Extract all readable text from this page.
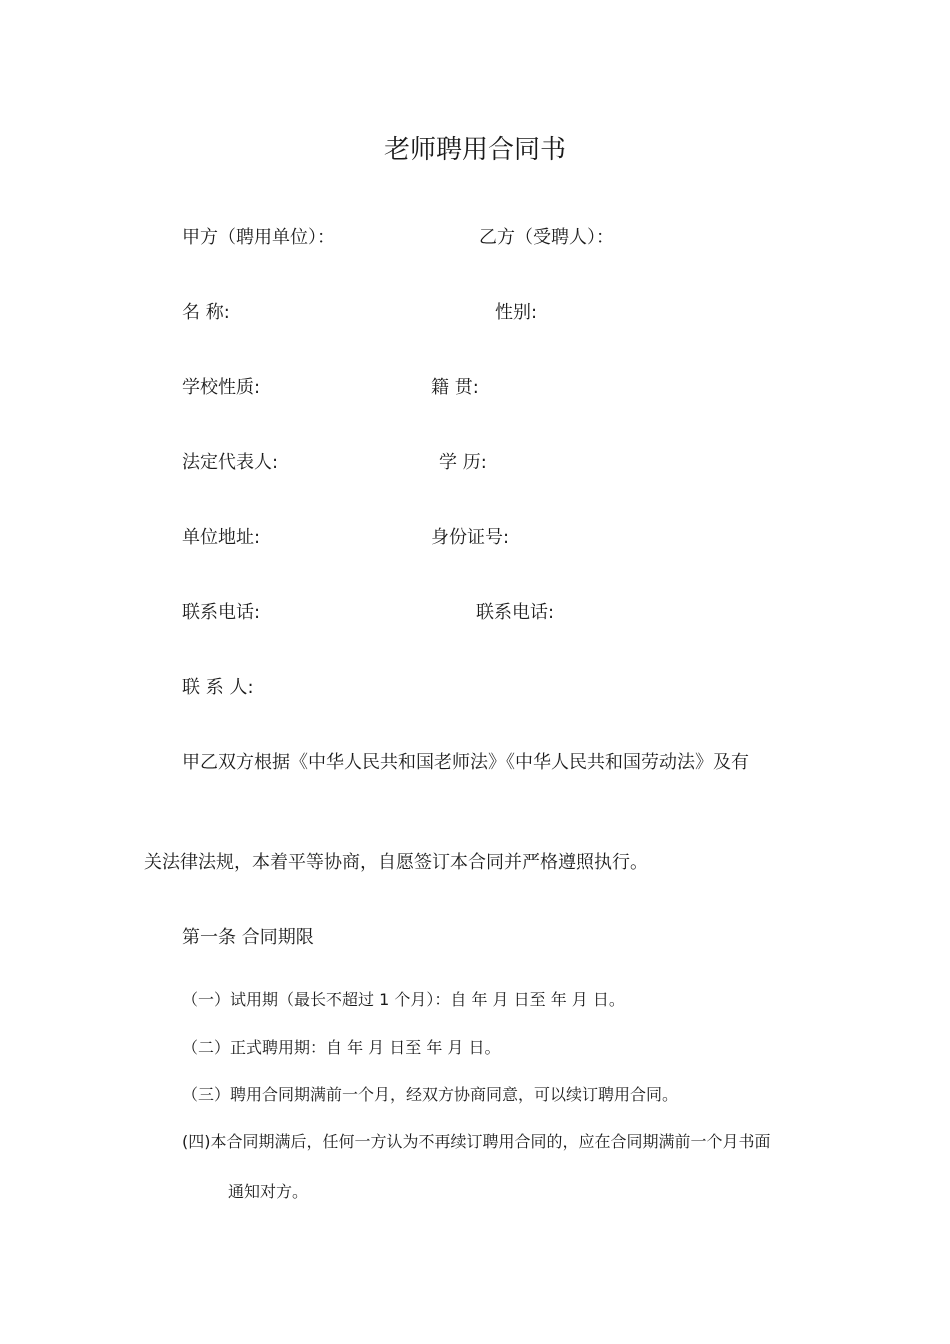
老师聘用合同书
甲方（聘用单位）：	乙方（受聘人）：
名 称:	性别:
学校性质:	籍 贯:
法定代表人:	学 历:
单位地址:	身份证号:
联系电话:	联系电话:
联 系 人:
甲乙双方根据《中华人民共和国老师法》《中华人民共和国劳动法》及有
关法律法规，本着平等协商，自愿签订本合同并严格遵照执行。
第一条 合同期限
（一）试用期（最长不超过 1 个月）：自 年 月 日至 年 月 日。
（二）正式聘用期：自 年 月 日至 年 月 日。
（三）聘用合同期满前一个月，经双方协商同意，可以续订聘用合同。
(四)本合同期满后，任何一方认为不再续订聘用合同的，应在合同期满前一个月书面
通知对方。
